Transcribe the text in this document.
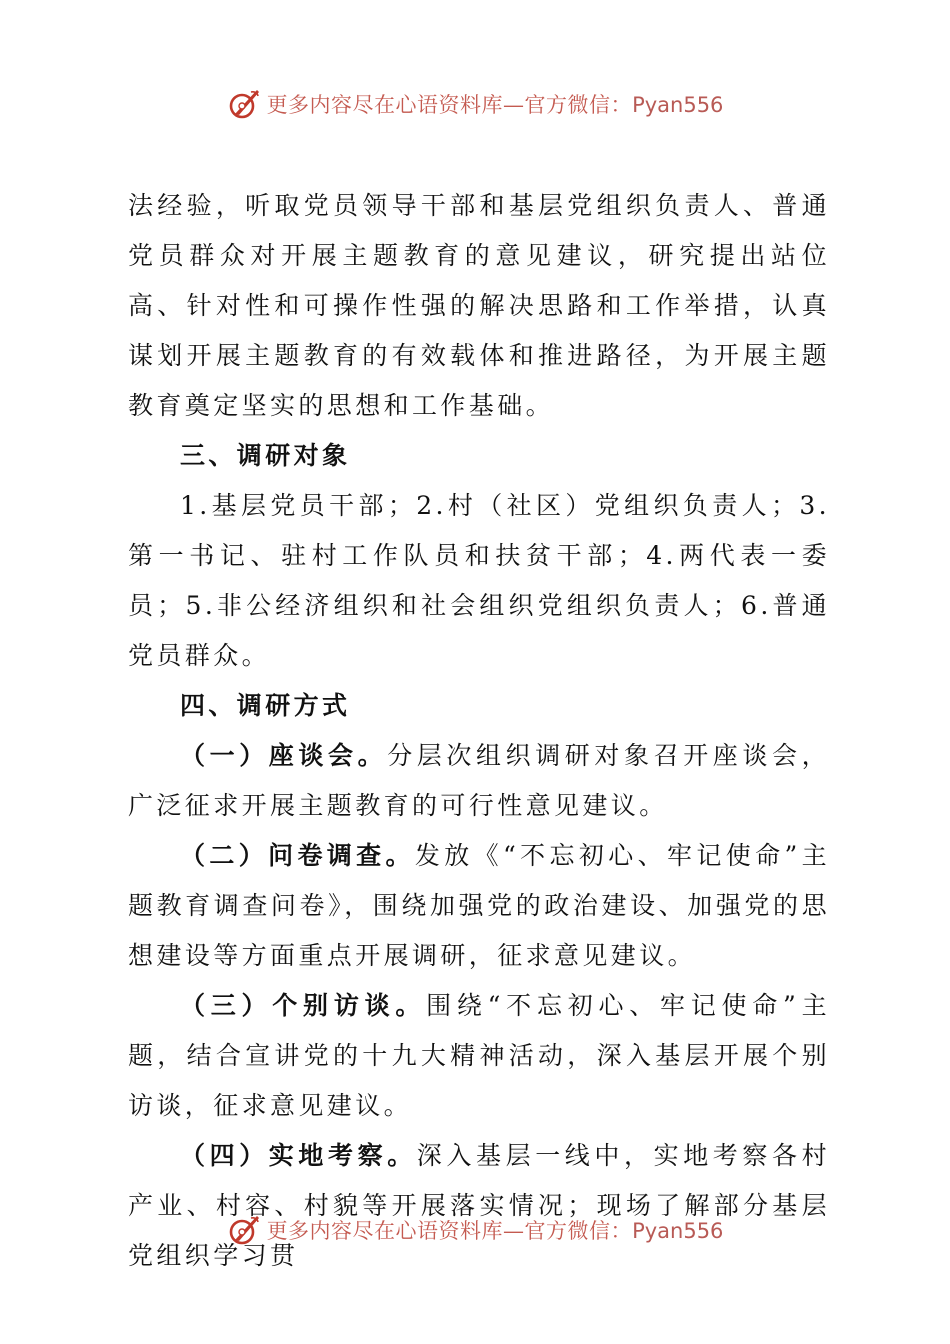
更多内容尽在心语资料库—官方微信：Pyan556

法经验，听取党员领导干部和基层党组织负责人、普通党员群众对开展主题教育的意见建议，研究提出站位高、针对性和可操作性强的解决思路和工作举措，认真谋划开展主题教育的有效载体和推进路径，为开展主题教育奠定坚实的思想和工作基础。

三、调研对象

1.基层党员干部；2.村（社区）党组织负责人；3.第一书记、驻村工作队员和扶贫干部；4.两代表一委员；5.非公经济组织和社会组织党组织负责人；6.普通党员群众。

四、调研方式

（一）座谈会。分层次组织调研对象召开座谈会，广泛征求开展主题教育的可行性意见建议。

（二）问卷调查。发放《“不忘初心、牢记使命”主题教育调查问卷》，围绕加强党的政治建设、加强党的思想建设等方面重点开展调研，征求意见建议。

（三）个别访谈。围绕“不忘初心、牢记使命”主题，结合宣讲党的十九大精神活动，深入基层开展个别访谈，征求意见建议。

（四）实地考察。深入基层一线中，实地考察各村产业、村容、村貌等开展落实情况；现场了解部分基层党组织学习贯

更多内容尽在心语资料库—官方微信：Pyan556
